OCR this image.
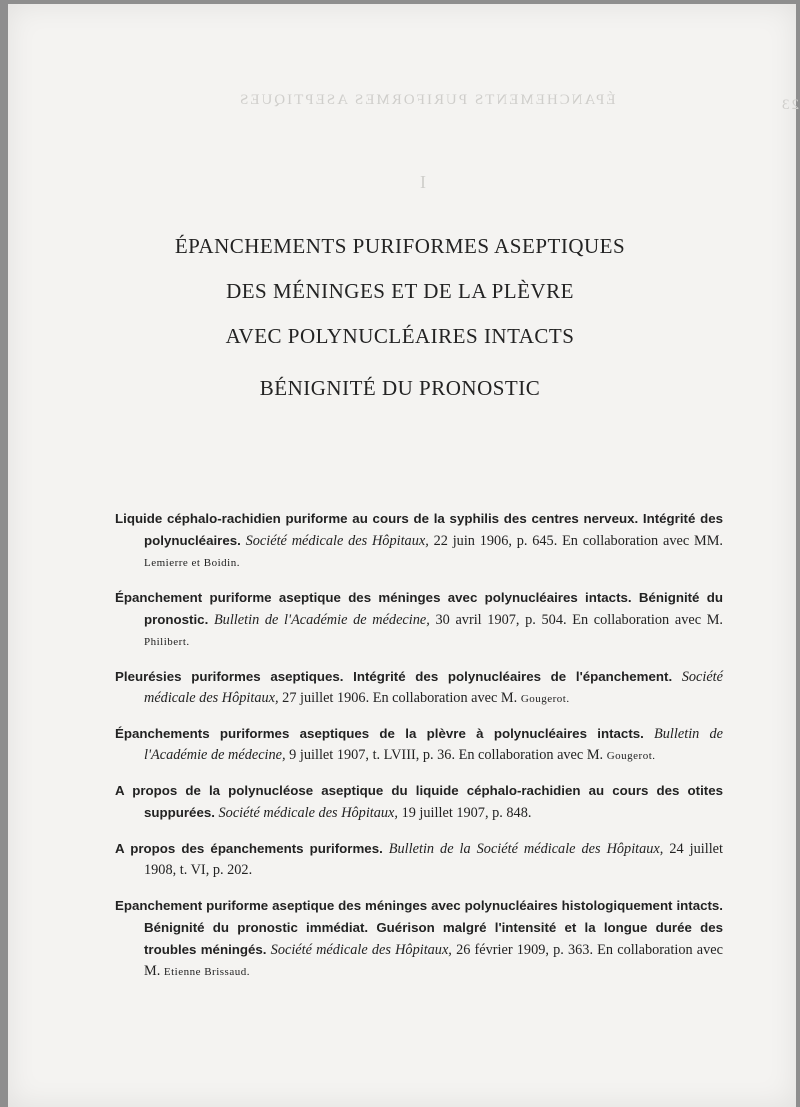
ÉPANCHEMENTS PURIFORMES ASEPTIQUES	23
I
ÉPANCHEMENTS PURIFORMES ASEPTIQUES
DES MÉNINGES ET DE LA PLÈVRE
AVEC POLYNUCLÉAIRES INTACTS
BÉNIGNITÉ DU PRONOSTIC
Liquide céphalo-rachidien puriforme au cours de la syphilis des centres nerveux. Intégrité des polynucléaires. Société médicale des Hôpitaux, 22 juin 1906, p. 645. En collaboration avec MM. Lemierre et Boidin.
Épanchement puriforme aseptique des méninges avec polynucléaires intacts. Bénignité du pronostic. Bulletin de l'Académie de médecine, 30 avril 1907, p. 504. En collaboration avec M. Philibert.
Pleurésies puriformes aseptiques. Intégrité des polynucléaires de l'épanchement. Société médicale des Hôpitaux, 27 juillet 1906. En collaboration avec M. Gougerot.
Épanchements puriformes aseptiques de la plèvre à polynucléaires intacts. Bulletin de l'Académie de médecine, 9 juillet 1907, t. LVIII, p. 36. En collaboration avec M. Gougerot.
A propos de la polynucléose aseptique du liquide céphalo-rachidien au cours des otites suppurées. Société médicale des Hôpitaux, 19 juillet 1907, p. 848.
A propos des épanchements puriformes. Bulletin de la Société médicale des Hôpitaux, 24 juillet 1908, t. VI, p. 202.
Epanchement puriforme aseptique des méninges avec polynucléaires histologiquement intacts. Bénignité du pronostic immédiat. Guérison malgré l'intensité et la longue durée des troubles méningés. Société médicale des Hôpitaux, 26 février 1909, p. 363. En collaboration avec M. Etienne Brissaud.
